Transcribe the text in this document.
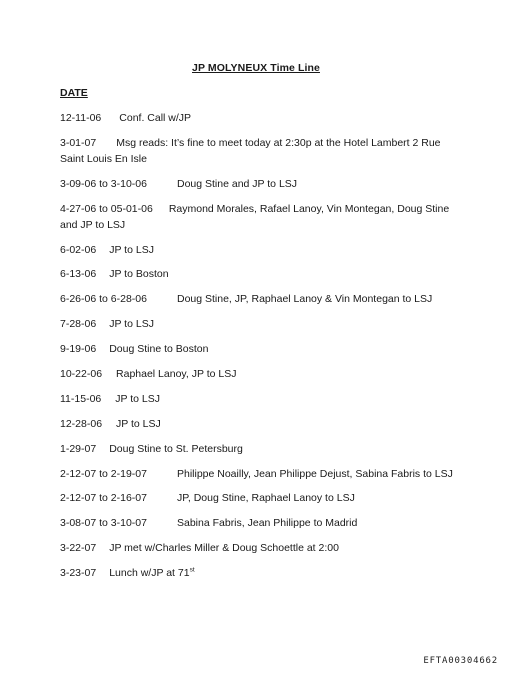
JP MOLYNEUX Time Line
DATE
12-11-06 Conf. Call w/JP
3-01-07 Msg reads: It’s fine to meet today at 2:30p at the Hotel Lambert 2 Rue Saint Louis En Isle
3-09-06 to 3-10-06	Doug Stine and JP to LSJ
4-27-06 to 05-01-06 Raymond Morales, Rafael Lanoy, Vin Montegan, Doug Stine and JP to LSJ
6-02-06 JP to LSJ
6-13-06 JP to Boston
6-26-06 to 6-28-06	Doug Stine, JP, Raphael Lanoy & Vin Montegan to LSJ
7-28-06 JP to LSJ
9-19-06 Doug Stine to Boston
10-22-06 Raphael Lanoy, JP to LSJ
11-15-06 JP to LSJ
12-28-06 JP to LSJ
1-29-07 Doug Stine to St. Petersburg
2-12-07 to 2-19-07	Philippe Noailly, Jean Philippe Dejust, Sabina Fabris to LSJ
2-12-07 to 2-16-07	JP, Doug Stine, Raphael Lanoy to LSJ
3-08-07 to 3-10-07	Sabina Fabris, Jean Philippe to Madrid
3-22-07 JP met w/Charles Miller & Doug Schoettle at 2:00
3-23-07 Lunch w/JP at 71st
EFTA00304662
